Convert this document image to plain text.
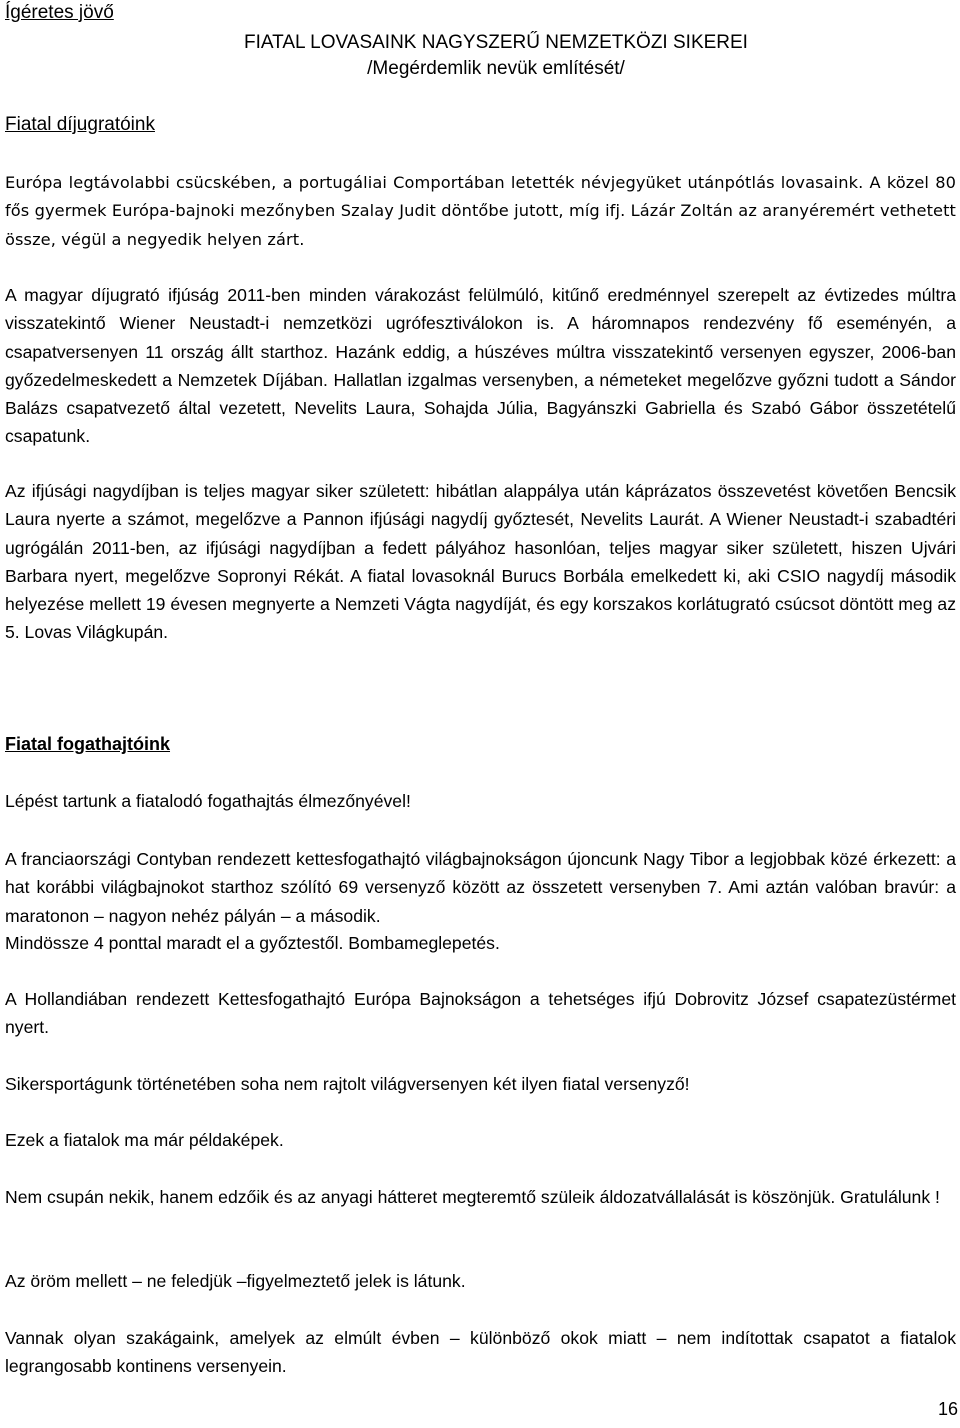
Ígéretes jövő
FIATAL LOVASAINK NAGYSZERŰ NEMZETKÖZI SIKEREI
/Megérdemlik nevük említését/
Fiatal díjugratóink

Európa legtávolabbi csücskében, a portugáliai Comportában letették névjegyüket utánpótlás lovasaink. A közel 80 fős gyermek Európa-bajnoki mezőnyben Szalay Judit döntőbe jutott, míg ifj. Lázár Zoltán az aranyéremért vethetett össze, végül a negyedik helyen zárt.

A magyar díjugrató ifjúság 2011-ben minden várakozást felülmúló, kitűnő eredménnyel szerepelt az évtizedes múltra visszatekintő Wiener Neustadt-i nemzetközi ugrófesztiválokon is. A háromnapos rendezvény fő eseményén, a csapatversenyen 11 ország állt starthoz. Hazánk eddig, a húszéves múltra visszatekintő versenyen egyszer, 2006-ban győzedelmeskedett a Nemzetek Díjában. Hallatlan izgalmas versenyben, a németeket megelőzve győzni tudott a Sándor Balázs csapatvezető által vezetett, Nevelits Laura, Sohajda Júlia, Bagyánszki Gabriella és Szabó Gábor összetételű csapatunk.

Az ifjúsági nagydíjban is teljes magyar siker született: hibátlan alappálya után káprázatos összevetést követően Bencsik Laura nyerte a számot, megelőzve a Pannon ifjúsági nagydíj győztesét, Nevelits Laurát. A Wiener Neustadt-i szabadtéri ugrógálán 2011-ben, az ifjúsági nagydíjban a fedett pályához hasonlóan, teljes magyar siker született, hiszen Ujvári Barbara nyert, megelőzve Sopronyi Rékát. A fiatal lovasoknál Burucs Borbála emelkedett ki, aki CSIO nagydíj második helyezése mellett 19 évesen megnyerte a Nemzeti Vágta nagydíját, és egy korszakos korlátugrató csúcsot döntött meg az 5. Lovas Világkupán.

Fiatal fogathajtóink

Lépést tartunk a fiatalodó fogathajtás élmezőnyével!

A franciaországi Contyban rendezett kettesfogathajtó világbajnokságon újoncunk Nagy Tibor a legjobbak közé érkezett: a hat korábbi világbajnokot starthoz szólító 69 versenyző között az összetett versenyben 7. Ami aztán valóban bravúr: a maratonon – nagyon nehéz pályán – a második.

Mindössze 4 ponttal maradt el a győztestől. Bombameglepetés.

A Hollandiában rendezett Kettesfogathajtó Európa Bajnokságon a tehetséges ifjú Dobrovitz József csapatezüstérmet nyert.

Sikersportágunk történetében soha nem rajtolt világversenyen két ilyen fiatal versenyző!

Ezek a fiatalok ma már példaképek.

Nem csupán nekik, hanem edzőik és az anyagi hátteret megteremtő szüleik áldozatvállalását is köszönjük. Gratulálunk !

Az öröm mellett – ne feledjük –figyelmeztető jelek is látunk.

Vannak olyan szakágaink, amelyek az elmúlt évben – különböző okok miatt – nem indítottak csapatot a fiatalok legrangosabb kontinens versenyein.

16
